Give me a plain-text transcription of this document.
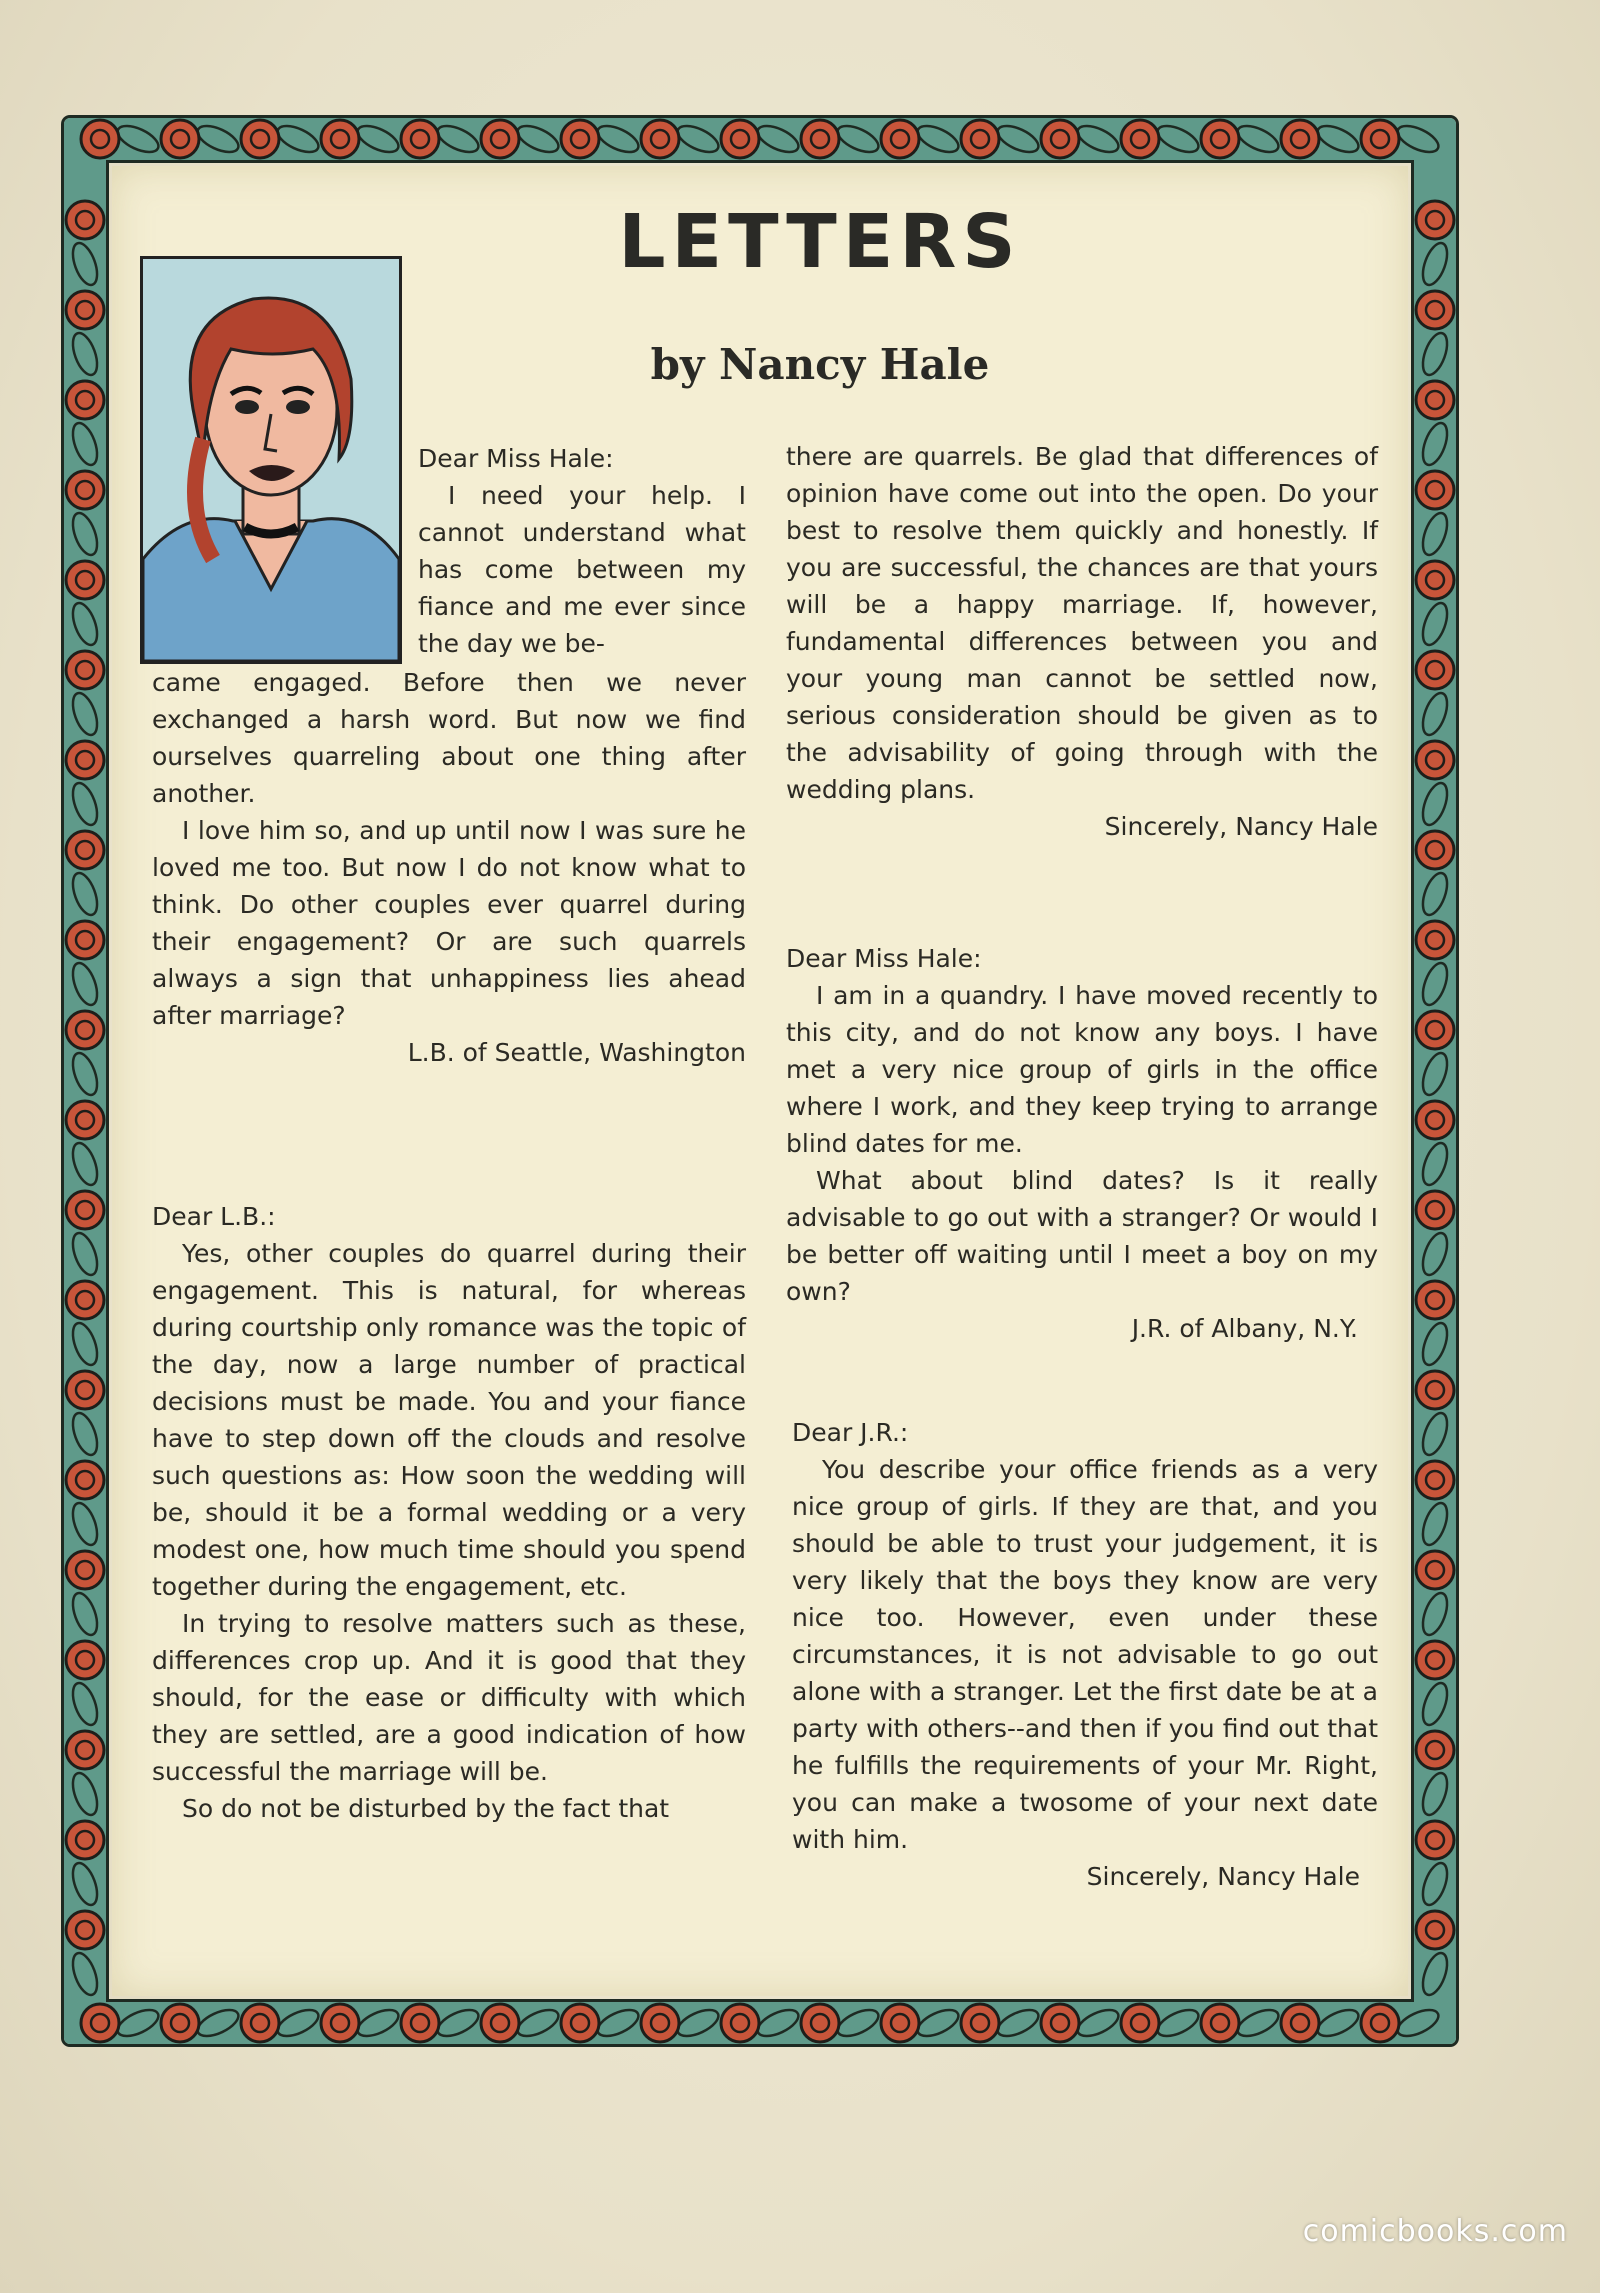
LETTERS
by Nancy Hale

Dear Miss Hale:

I need your help. I cannot understand what has come between my fiance and me ever since the day we be-

came engaged. Before then we never exchanged a harsh word. But now we find ourselves quarreling about one thing after another.

I love him so, and up until now I was sure he loved me too. But now I do not know what to think. Do other couples ever quarrel during their engagement? Or are such quarrels always a sign that unhappiness lies ahead after marriage?

L.B. of Seattle, Washington

Dear L.B.:

Yes, other couples do quarrel during their engagement. This is natural, for whereas during courtship only romance was the topic of the day, now a large number of practical decisions must be made. You and your fiance have to step down off the clouds and resolve such questions as: How soon the wedding will be, should it be a formal wedding or a very modest one, how much time should you spend together during the engagement, etc.

In trying to resolve matters such as these, differences crop up. And it is good that they should, for the ease or difficulty with which they are settled, are a good indication of how successful the marriage will be.

So do not be disturbed by the fact that

there are quarrels. Be glad that differences of opinion have come out into the open. Do your best to resolve them quickly and honestly. If you are successful, the chances are that yours will be a happy marriage. If, however, fundamental differences between you and your young man cannot be settled now, serious consideration should be given as to the advisability of going through with the wedding plans.

Sincerely, Nancy Hale

Dear Miss Hale:

I am in a quandry. I have moved recently to this city, and do not know any boys. I have met a very nice group of girls in the office where I work, and they keep trying to arrange blind dates for me.

What about blind dates? Is it really advisable to go out with a stranger? Or would I be better off waiting until I meet a boy on my own?

J.R. of Albany, N.Y.

Dear J.R.:

You describe your office friends as a very nice group of girls. If they are that, and you should be able to trust your judgement, it is very likely that the boys they know are very nice too. However, even under these circumstances, it is not advisable to go out alone with a stranger. Let the first date be at a party with others--and then if you find out that he fulfills the requirements of your Mr. Right, you can make a twosome of your next date with him.

Sincerely, Nancy Hale

comicbooks.com
